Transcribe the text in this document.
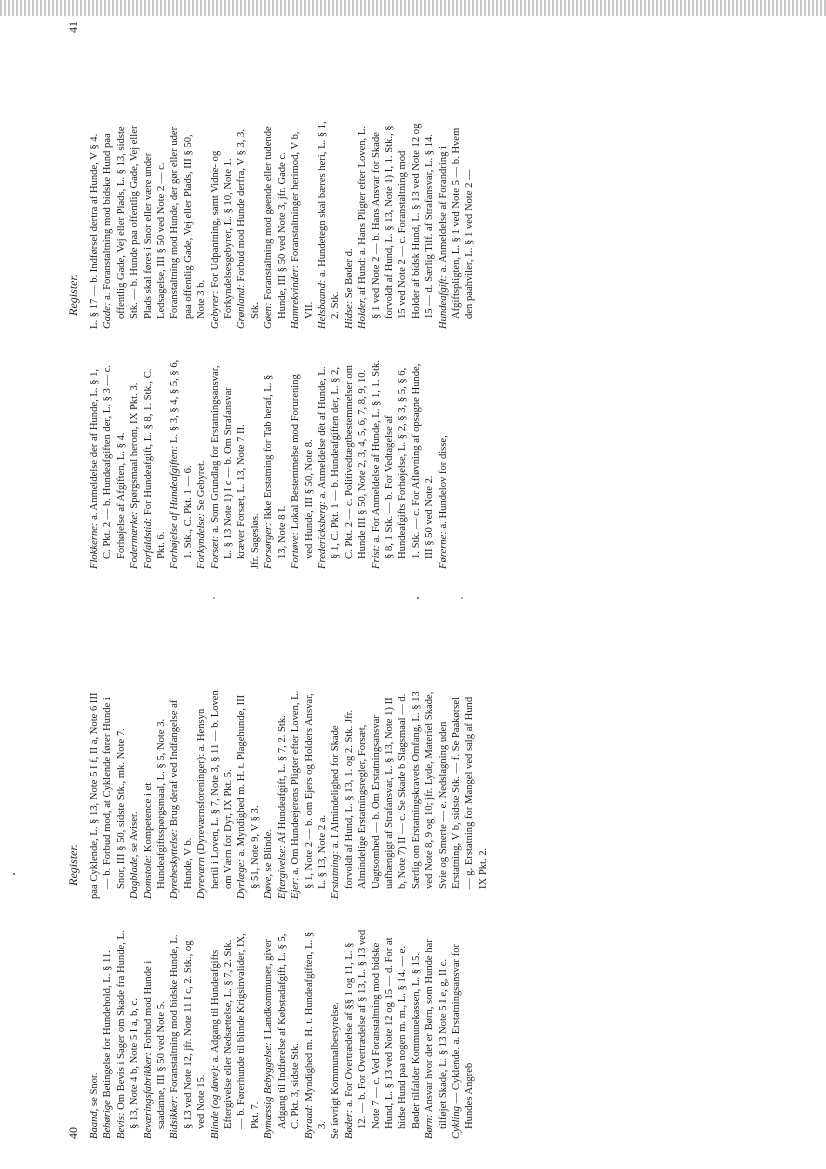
40
Register.

Baand, se Snor.

Behørige Betingelse for Hundehold, L. § 11.

Bevis: Om Bevis i Sager om Skade fra Hunde, L. § 13, Note 4 b, Note 5 I a, b, c. Beværingsfabrikker: Forbud mod Hunde i saadanne, III § 50 ved Note 5. Bidsikker: Foranstaltning mod bidske Hunde, L. § 13 ved Note 12, jfr. Note 11 I c, 2. Stk., og ved Note 15. Blinde (og døve): a. Adgang til Hundeafgifts Eftergivelse eller Nedsættelse, L. § 7, 2. Stk. — b. Førerhunde til blinde Krigsinvalider, IX, Pkt. 7. Bymæssig Bebyggelse: I Landkommuner, giver Adgang til Indførelse af Købstadafgift, L. § 5, C. Pkt. 3, sidste Stk. Byraad: Myndighed m. H. t. Hundeafgiften, L. § 3. Se iøvrigt Kommunalbestyrelse. Bøder: a. For Overtrædelse af §§ 1 og 11, L. § 12. — b. For Overtrædelse af § 13, L. § 13 ved Note 7 — c. Ved Foranstaltning mod bidske Hund, L. § 13 ved Note 12 og 15 — d. For at hidse Hund paa nogen m. m., L. § 14. — e. Bøder tilfalder Kommunekassen, L. § 15. Børn: Ansvar hvor det er Børn, som Hunde har tilføjet Skade, L. § 13 Note 5 I e, g, II c. Cykling — Cyklende. a. Erstatningsansvar for Hundes Angreb

paa Cyklende, L. § 13, Note 5 I f, II a, Note 6 III — b. Forbud mod, at Cyklende fører Hunde i Snor, III § 50, sidste Stk., mk. Note 7. Dagblade, se Aviser.

Domstole: Kompetence i et Hundeafgiftsspørgsmaal, L. § 5, Note 3. Dyrebeskyttelse: Brug deraf ved Indfangelse af Hunde, V b. Dyreværn (Dyreværnsforeninger): a. Hensyn hertil i Loven, L. § 7, Note 3, § 11 — b. Loven om Værn for Dyr, IX Pkt. 5. Dyrlæge: a. Myndighed m. H. t. Plagehunde, III § 51, Note 9, V § 3. Døve, se Blinde. Eftergivelse: Af Hundeafgift, L. § 7, 2. Stk.

Ejer: a. Om Hundeejerens Pligter efter Loven, L. § 1, Note 2 — b. om Ejers og Holders Ansvar, L. § 13, Note 2 a. Erstatning: a. I Almindelighed for Skade forvoldt af Hund, L. § 13, 1. og 2. Stk. Jfr. Almindelige Erstatningsregler, Forsæt, Uagtsomhed — b. Om Erstatningsansvar uafhængigt af Strafansvar, L. § 13, Note 1) II b, Note 7) II — c. Se Skade b Slagsmaal — d. Særlig om Erstatningskravets Omfang, L. § 13 ved Note 8, 9 og 10; jfr. Lyde, Materiel Skade, Svie og Smerte — e. Nedslagning uden Erstatning, V b, sidste Stk. — f. Se Paakørsel — g. Erstatning for Mangel ved salg af Hund IX Pkt. 2.

Register.
41

Flokkerne: a. Anmeldelse der af Hunde, L. § 1, C. Pkt. 2 — b. Hundeafgiften der, L. § 3 — c. Forhøjelse af Afgiften, L. § 4. Fodermærke: Spørgsmaal herom, IX Pkt. 3.

Forfaldstid: For Hundeafgift, L. § 8, 1. Stk., C. Pkt. 6. Forhøjelse af Hundeafgiften: L. § 3, § 4, § 5, § 6, 1. Stk., C. Pkt. 1 — 6. Forkyndelse: Se Gebyret.

Forsæt: a. Som Grundlag for Erstatningsansvar, L. § 13 Note 1) I c — b. Om Strafansvar kræver Forsæt, L. 13, Note 7 II. Jfr. Sagesløs. Forsørger: Ikke Erstatning for Tab heraf, L. § 13, Note 8 I. Fortøve: Lokal Bestemmelse mod Forurening ved Hunde, III § 50, Note 8. Fredericksberg: a. Anmeldelse dèt af Hunde, L. § 1, C. Pkt. 1 — b. Hundeafgiften der, L. § 2, C. Pkt. 2 — c. Politivedtægtbestemmelser om Hunde III § 50, Note 2, 3, 4, 5, 6, 7, 8, 9, 10. Frist: a. For Anmeldelse af Hunde, L. § 1, 1. Stk. § 8, 1 Stk. — b. For Vedtagelse af Hundeafgifts Forhøjelse, L. § 2, § 3, § 5, § 6, 1. Stk. — c. For Afløvning af opsagne Hunde, III § 50 ved Note 2. Førerne: a. Hundelov for disse,

L. § 17 — b. Indførsel dertra af Hunde, V § 4. Gade: a. Foranstaltning mod bidske Hund paa offentlig Gade, Vej eller Plads, L. § 13, sidste Stk. — b. Hunde paa offentlig Gade, Vej eller Plads skal føres i Snor eller være under Ledsagelse, III § 50 ved Note 2 — c. Foranstaltning mod Hunde, der gør eller uder paa offentlig Gade, Vej eller Plads, III § 50, Note 3 b. Gebyrer: For Udpantning, samt Vidne- og Forkyndelsesgebyrer, L. § 10, Note 1. Grønland: Forbud mod Hunde derfra, V § 3, 3. Stk. Gøen: Foranstaltning mod gøende eller tudende Hunde, III § 50 ved Note 3, jfr. Gade c. Hamrekvinder: Foranstaltninger herimod, V b, VII. Helsbaand: a. Hundetegn skal bæres heri, L. § 1, 2. Stk. Hidse: Se Bøder d.

Holder, af Hund: a. Hans Pligter efter Loven, L. § 1 ved Note 2 — b. Hans Ansvar for Skade forvoldt af Hund, L. § 13, Note 1) I, 1. Stk., § 15 ved Note 2 — c. Foranstaltning mod Holder af bidsk Hund, L. § 13 ved Note 12 og 15 — d. Særlig Tilf. af Strafansvar, L. § 14. Hundeafgift: a. Anmeldelse af Forandring i Afgiftspligten, L. § 1 ved Note 5 — b. Hvem den paahviler, L. § 1 ved Note 2 —
